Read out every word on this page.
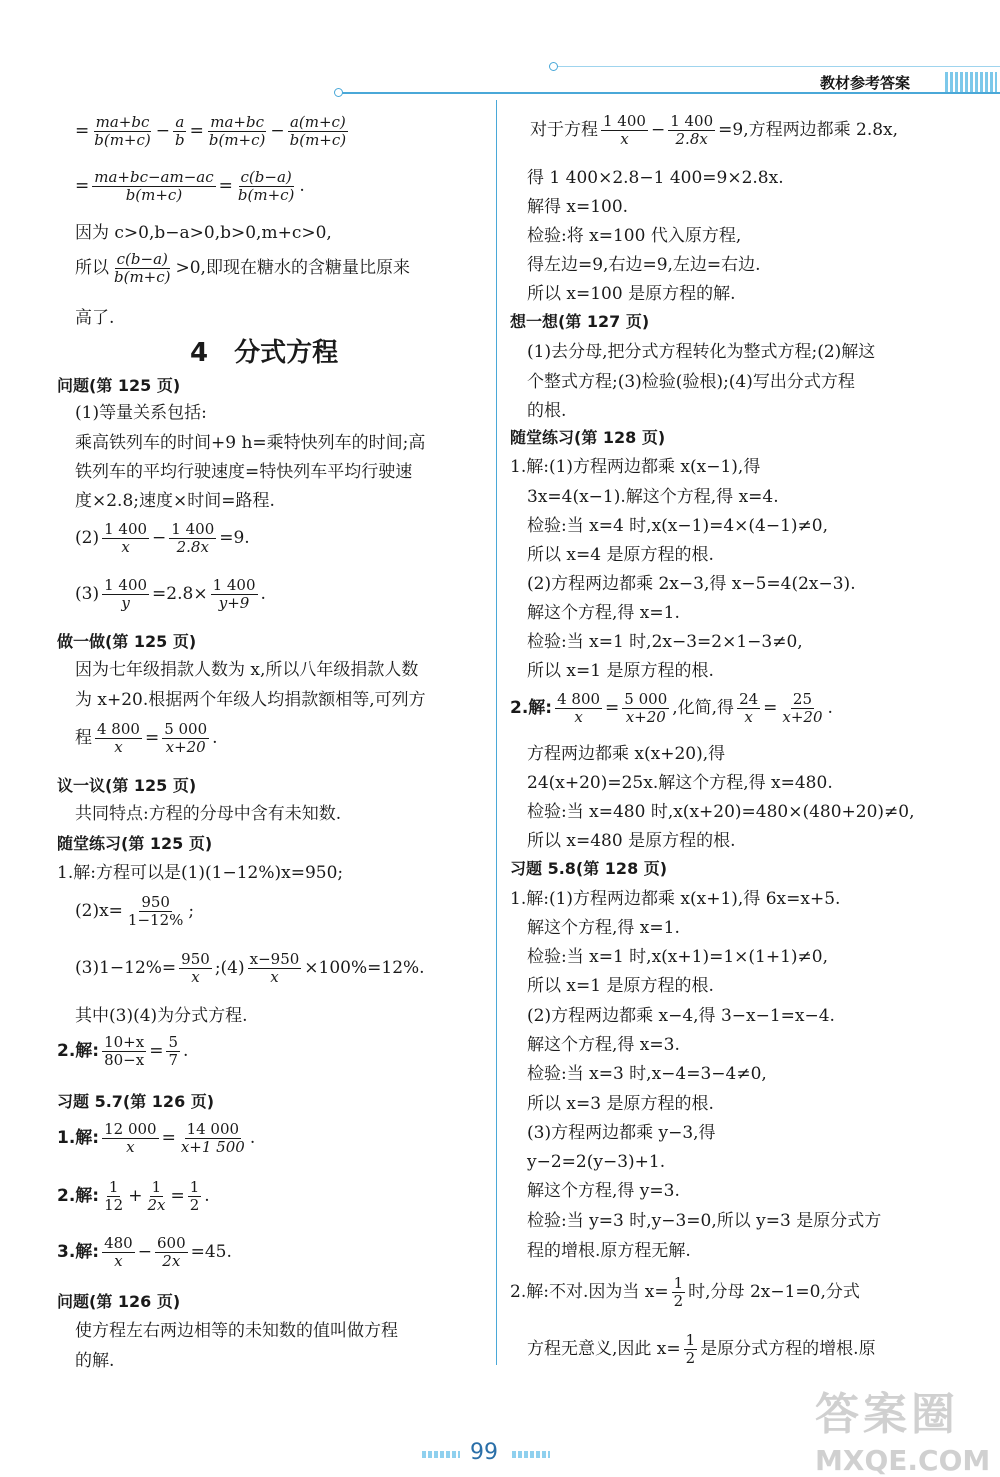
教材参考答案
= $\frac{ma+bc}{b(m+c)} - \frac{a}{b} = \frac{ma+bc}{b(m+c)} - \frac{a(m+c)}{b(m+c)}$
= $\frac{ma+bc-am-ac}{b(m+c)} = \frac{c(b-a)}{b(m+c)}$ .
因为 c>0,b−a>0,b>0,m+c>0,
所以 $\frac{c(b-a)}{b(m+c)} >0$,即现在糖水的含糖量比原来
高了.
4　分式方程
问题(第 125 页)
(1)等量关系包括:
乘高铁列车的时间+9 h=乘特快列车的时间;高
铁列车的平均行驶速度=特快列车平均行驶速
度×2.8;速度×时间=路程.
$(2) \frac{1 400}{x} - \frac{1 400}{2.8x} =9$.
$(3) \frac{1 400}{y} =2.8\times \frac{1 400}{y+9}$ .
做一做(第 125 页)
因为七年级捐款人数为 x,所以八年级捐款人数
为 x+20.根据两个年级人均捐款额相等,可列方
程 $\frac{4 800}{x} = \frac{5 000}{x+20}$ .
议一议(第 125 页)
共同特点:方程的分母中含有未知数.
随堂练习(第 125 页)
1.解:方程可以是(1)(1−12%)x=950;
$(2)x= \frac{950}{1-12\%}$ ;
$(3)1-12\%= \frac{950}{x}$ ;(4) $\frac{x-950}{x} \times 100\%=12\%$.
其中(3)(4)为分式方程.
2.解: $\frac{10+x}{80-x} = \frac{5}{7}$ .
习题 5.7(第 126 页)
1.解: $\frac{12 000}{x} = \frac{14 000}{x+1 500}$ .
2.解: $\frac{1}{12} + \frac{1}{2x} = \frac{1}{2}$ .
3.解: $\frac{480}{x} - \frac{600}{2x} =45$.
问题(第 126 页)
使方程左右两边相等的未知数的值叫做方程
的解.
对于方程 $\frac{1 400}{x} - \frac{1 400}{2.8x} =9$,方程两边都乘 2.8x,
得 1 400×2.8−1 400=9×2.8x.
解得 x=100.
检验:将 x=100 代入原方程,
得左边=9,右边=9,左边=右边.
所以 x=100 是原方程的解.
想一想(第 127 页)
(1)去分母,把分式方程转化为整式方程;(2)解这
个整式方程;(3)检验(验根);(4)写出分式方程
的根.
随堂练习(第 128 页)
1.解:(1)方程两边都乘 x(x−1),得
3x=4(x−1).解这个方程,得 x=4.
检验:当 x=4 时,x(x−1)=4×(4−1)≠0,
所以 x=4 是原方程的根.
(2)方程两边都乘 2x−3,得 x−5=4(2x−3).
解这个方程,得 x=1.
检验:当 x=1 时,2x−3=2×1−3≠0,
所以 x=1 是原方程的根.
2.解: $\frac{4 800}{x} = \frac{5 000}{x+20}$ ,化简,得 $\frac{24}{x} = \frac{25}{x+20}$ .
方程两边都乘 x(x+20),得
24(x+20)=25x.解这个方程,得 x=480.
检验:当 x=480 时,x(x+20)=480×(480+20)≠0,
所以 x=480 是原方程的根.
习题 5.8(第 128 页)
1.解:(1)方程两边都乘 x(x+1),得 6x=x+5.
解这个方程,得 x=1.
检验:当 x=1 时,x(x+1)=1×(1+1)≠0,
所以 x=1 是原方程的根.
(2)方程两边都乘 x−4,得 3−x−1=x−4.
解这个方程,得 x=3.
检验:当 x=3 时,x−4=3−4≠0,
所以 x=3 是原方程的根.
(3)方程两边都乘 y−3,得
y−2=2(y−3)+1.
解这个方程,得 y=3.
检验:当 y=3 时,y−3=0,所以 y=3 是原分式方
程的增根.原方程无解.
2.解:不对.因为当 $x= \frac{1}{2}$ 时,分母 2x−1=0,分式
方程无意义,因此 $x= \frac{1}{2}$ 是原分式方程的增根.原
99
答案圈
MXQE.COM
